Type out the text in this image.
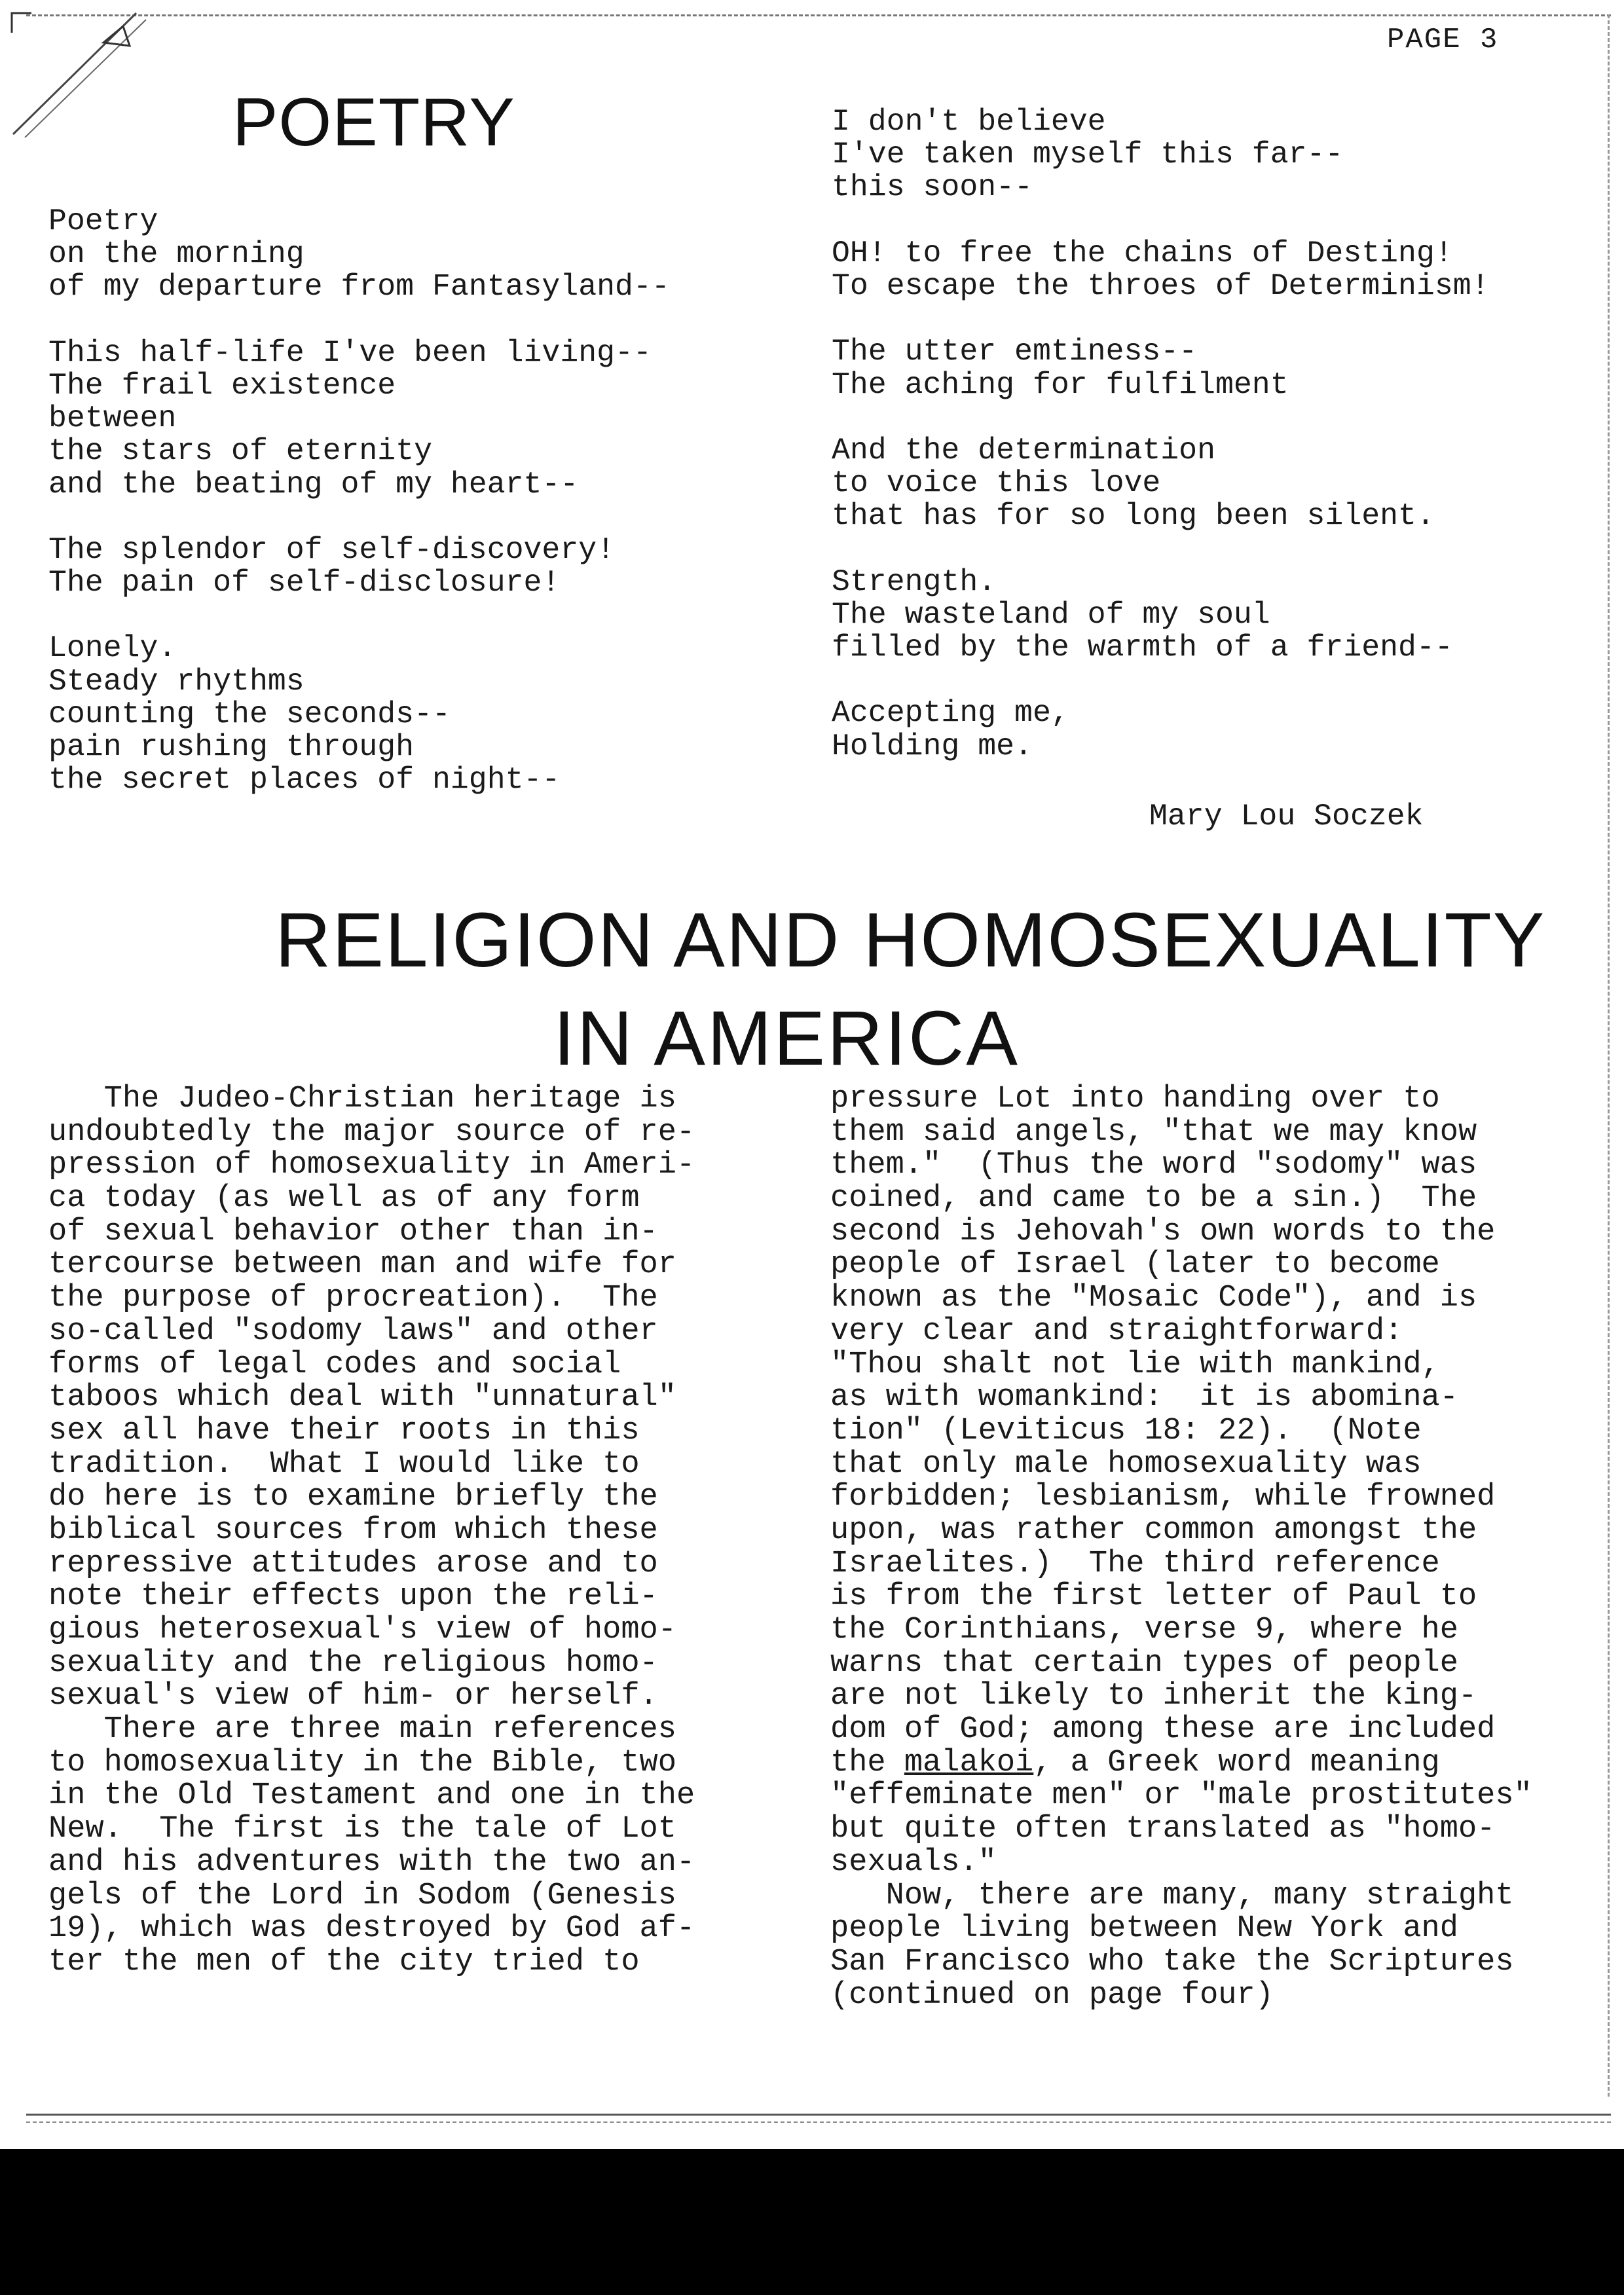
PAGE 3
POETRY
Poetry
on the morning
of my departure from Fantasyland--
This half-life I've been living--
The frail existence
between
the stars of eternity
and the beating of my heart--
The splendor of self-discovery!
The pain of self-disclosure!
Lonely.
Steady rhythms
counting the seconds--
pain rushing through
the secret places of night--
I don't believe
I've taken myself this far--
this soon--
OH! to free the chains of Desting!
To escape the throes of Determinism!
The utter emtiness--
The aching for fulfilment
And the determination
to voice this love
that has for so long been silent.
Strength.
The wasteland of my soul
filled by the warmth of a friend--
Accepting me,
Holding me.
Mary Lou Soczek
RELIGION AND HOMOSEXUALITY
IN AMERICA
The Judeo-Christian heritage is
undoubtedly the major source of re-
pression of homosexuality in Ameri-
ca today (as well as of any form
of sexual behavior other than in-
tercourse between man and wife for
the purpose of procreation).  The
so-called "sodomy laws" and other
forms of legal codes and social
taboos which deal with "unnatural"
sex all have their roots in this
tradition.  What I would like to
do here is to examine briefly the
biblical sources from which these
repressive attitudes arose and to
note their effects upon the reli-
gious heterosexual's view of homo-
sexuality and the religious homo-
sexual's view of him- or herself.
There are three main references
to homosexuality in the Bible, two
in the Old Testament and one in the
New.  The first is the tale of Lot
and his adventures with the two an-
gels of the Lord in Sodom (Genesis
19), which was destroyed by God af-
ter the men of the city tried to
pressure Lot into handing over to
them said angels, "that we may know
them."  (Thus the word "sodomy" was
coined, and came to be a sin.)  The
second is Jehovah's own words to the
people of Israel (later to become
known as the "Mosaic Code"), and is
very clear and straightforward:
"Thou shalt not lie with mankind,
as with womankind:  it is abomina-
tion" (Leviticus 18: 22).  (Note
that only male homosexuality was
forbidden; lesbianism, while frowned
upon, was rather common amongst the
Israelites.)  The third reference
is from the first letter of Paul to
the Corinthians, verse 9, where he
warns that certain types of people
are not likely to inherit the king-
dom of God; among these are included
the malakoi, a Greek word meaning
"effeminate men" or "male prostitutes"
but quite often translated as "homo-
sexuals."
Now, there are many, many straight
people living between New York and
San Francisco who take the Scriptures
(continued on page four)
